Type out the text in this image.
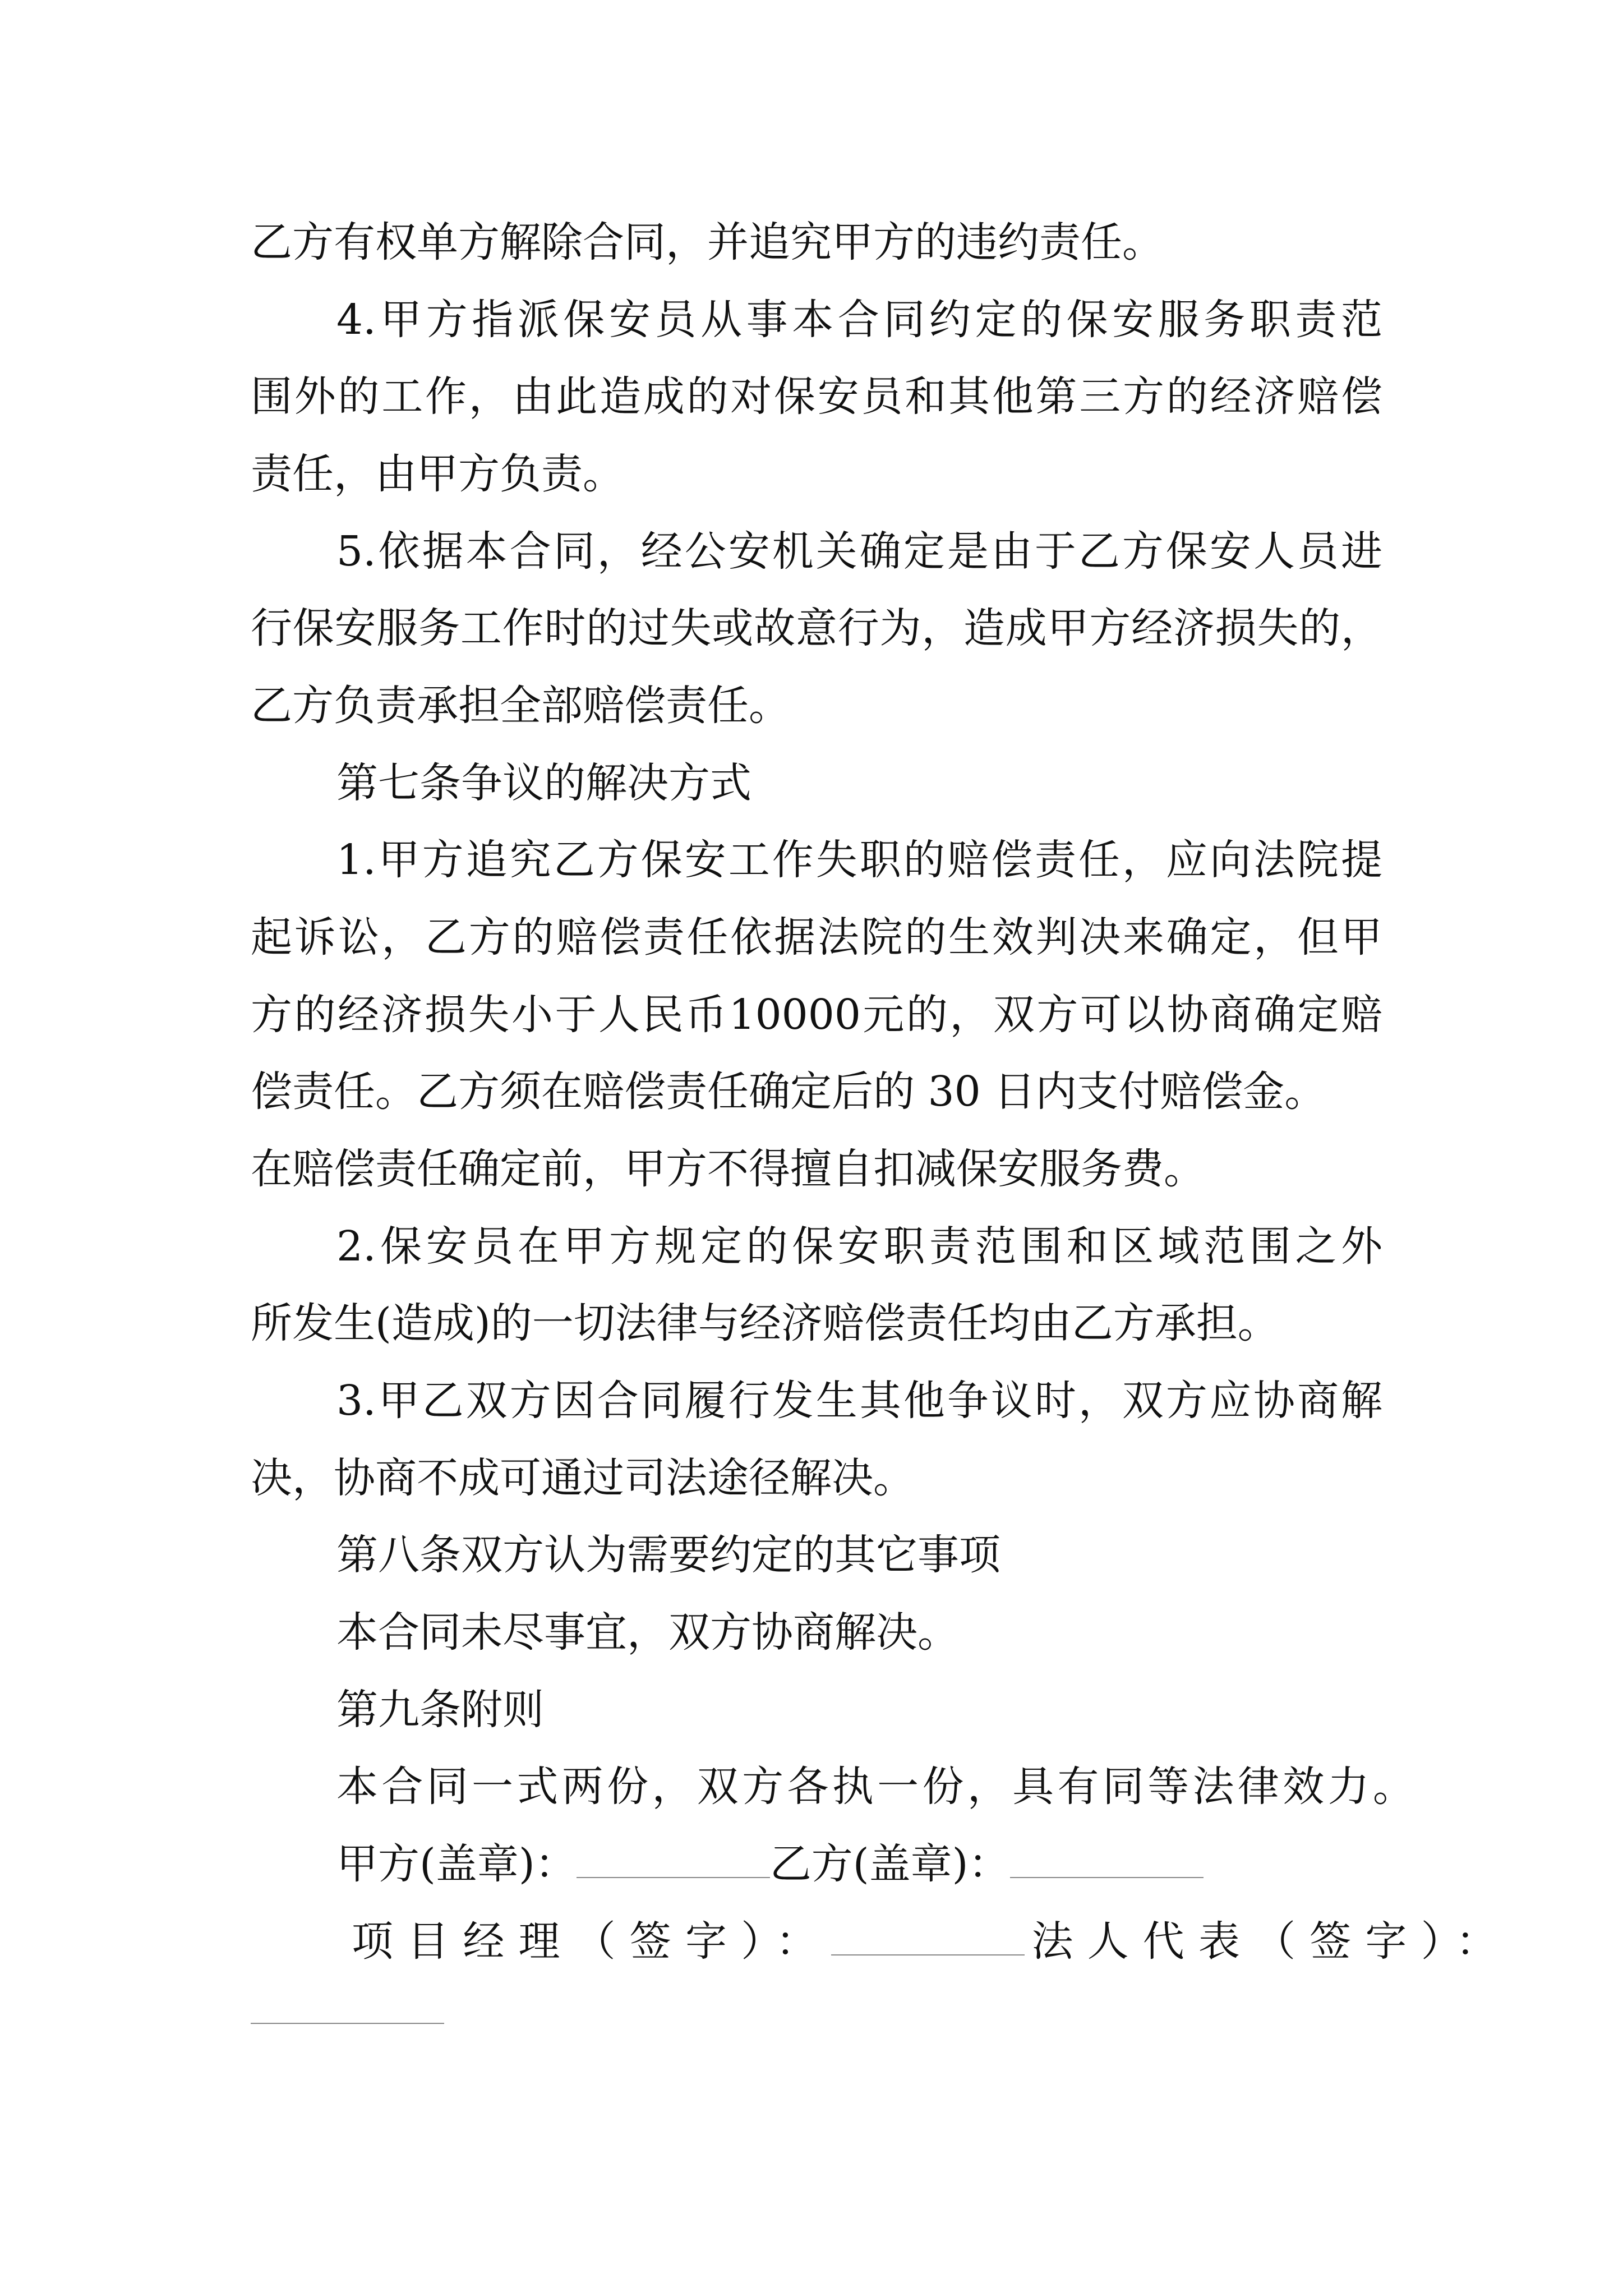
乙方有权单方解除合同，并追究甲方的违约责任。
4. 甲 方 指 派 保 安 员 从 事 本 合 同 约 定 的 保 安 服 务 职 责 范
围 外 的 工 作 ， 由 此 造 成 的 对 保 安 员 和 其 他 第 三 方 的 经 济 赔 偿
责任，由甲方负责。
5. 依 据 本 合 同 ， 经 公 安 机 关 确 定 是 由 于 乙 方 保 安 人 员 进
行 保 安 服 务 工 作 时 的 过 失 或 故 意 行 为 ， 造 成 甲 方 经 济 损 失 的 ，
乙方负责承担全部赔偿责任。
第七条争议的解决方式
1. 甲 方 追 究 乙 方 保 安 工 作 失 职 的 赔 偿 责 任 ， 应 向 法 院 提
起 诉 讼 ， 乙 方 的 赔 偿 责 任 依 据 法 院 的 生 效 判 决 来 确 定 ， 但 甲
方 的 经 济 损 失 小 于 人 民 币 10000 元 的 ， 双 方 可 以 协 商 确 定 赔
偿责任。乙方须在赔偿责任确定后的 30 日内支付赔偿金。
在赔偿责任确定前，甲方不得擅自扣减保安服务费。
2. 保 安 员 在 甲 方 规 定 的 保 安 职 责 范 围 和 区 域 范 围 之 外
所发生(造成)的一切法律与经济赔偿责任均由乙方承担。
3. 甲 乙 双 方 因 合 同 履 行 发 生 其 他 争 议 时 ， 双 方 应 协 商 解
决，协商不成可通过司法途径解决。
第八条双方认为需要约定的其它事项
本合同未尽事宜，双方协商解决。
第九条附则
本 合 同 一 式 两 份 ， 双 方 各 执 一 份 ， 具 有 同 等 法 律 效 力 。
甲方(盖章)：	乙方(盖章)：
项目经理（签字）：	法人代表（签字）：
